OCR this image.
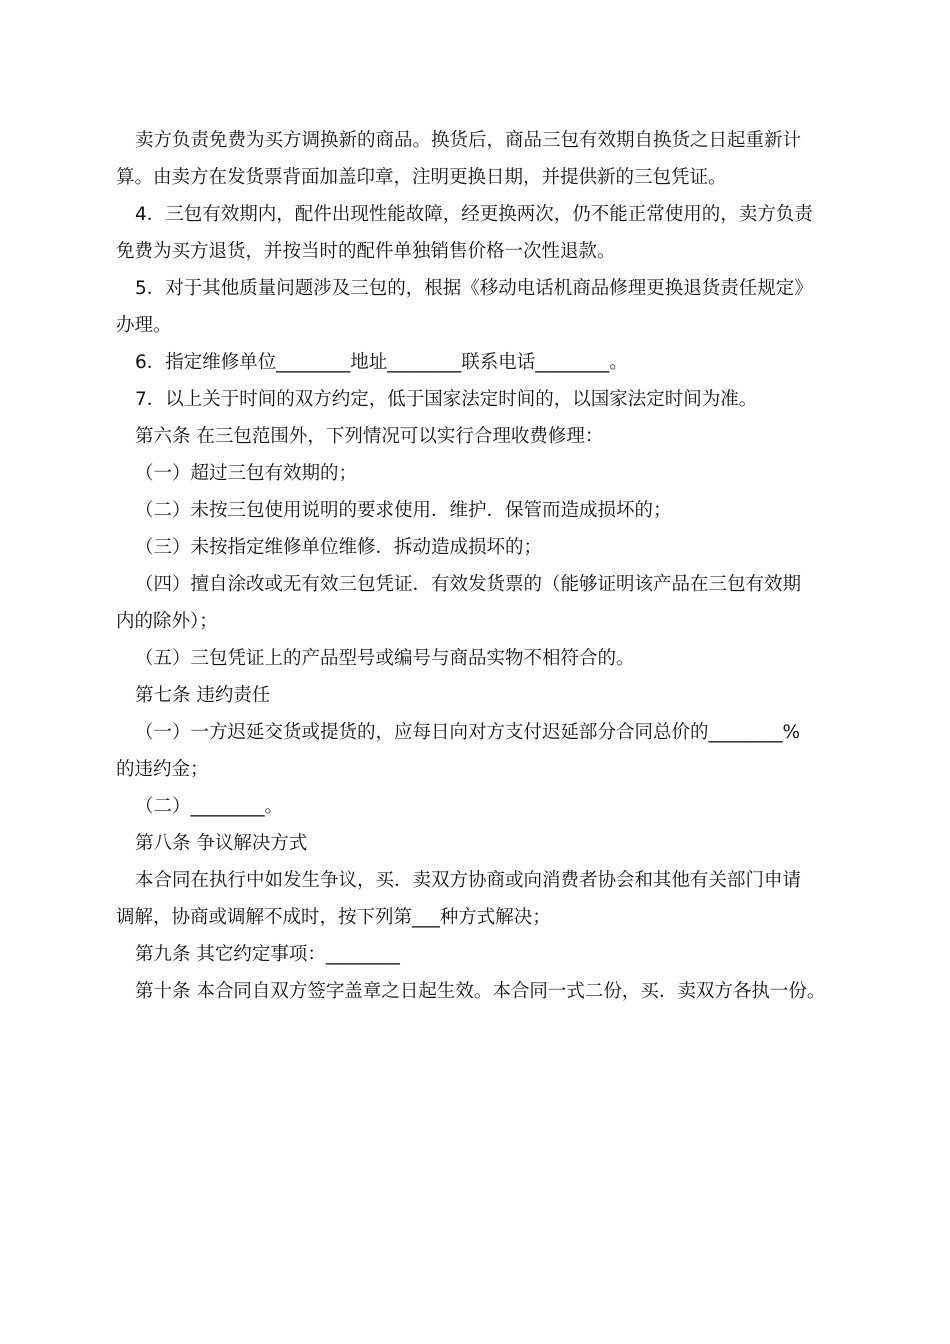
卖方负责免费为买方调换新的商品。换货后，商品三包有效期自换货之日起重新计
算。由卖方在发货票背面加盖印章，注明更换日期，并提供新的三包凭证。
4．三包有效期内，配件出现性能故障，经更换两次，仍不能正常使用的，卖方负责
免费为买方退货，并按当时的配件单独销售价格一次性退款。
5．对于其他质量问题涉及三包的，根据《移动电话机商品修理更换退货责任规定》
办理。
6．指定维修单位________地址________联系电话________。
7．以上关于时间的双方约定，低于国家法定时间的，以国家法定时间为准。
第六条 在三包范围外，下列情况可以实行合理收费修理：
（一）超过三包有效期的；
（二）未按三包使用说明的要求使用．维护．保管而造成损坏的；
（三）未按指定维修单位维修．拆动造成损坏的；
（四）擅自涂改或无有效三包凭证．有效发货票的（能够证明该产品在三包有效期
内的除外）；
（五）三包凭证上的产品型号或编号与商品实物不相符合的。
第七条 违约责任
（一）一方迟延交货或提货的，应每日向对方支付迟延部分合同总价的________%
的违约金；
（二）________。
第八条 争议解决方式
本合同在执行中如发生争议，买．卖双方协商或向消费者协会和其他有关部门申请
调解，协商或调解不成时，按下列第___种方式解决；
第九条 其它约定事项：________
第十条 本合同自双方签字盖章之日起生效。本合同一式二份，买．卖双方各执一份。
